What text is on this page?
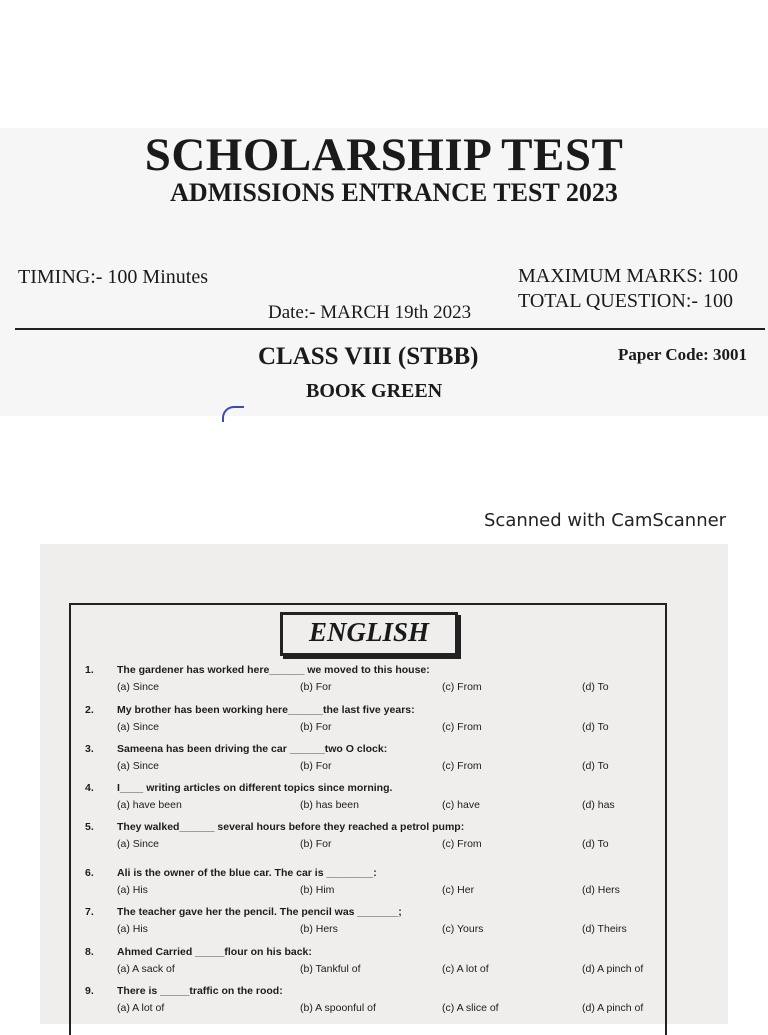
SCHOLARSHIP TEST
ADMISSIONS ENTRANCE TEST 2023
TIMING:- 100 Minutes	MAXIMUM MARKS: 100
TOTAL QUESTION:- 100
Date:- MARCH 19th 2023
CLASS VIII (STBB)	Paper Code: 3001
BOOK GREEN
Scanned with CamScanner
ENGLISH
1. The gardener has worked here______ we moved to this house:
(a) Since	(b) For	(c) From	(d) To
2. My brother has been working here______the last five years:
(a) Since	(b) For	(c) From	(d) To
3. Sameena has been driving the car ______two O clock:
(a) Since	(b) For	(c) From	(d) To
4. I____ writing articles on different topics since morning.
(a) have been	(b) has been	(c) have	(d) has
5. They walked______ several hours before they reached a petrol pump:
(a) Since	(b) For	(c) From	(d) To
6. Ali is the owner of the blue car. The car is ________:
(a) His	(b) Him	(c) Her	(d) Hers
7. The teacher gave her the pencil. The pencil was _______;
(a) His	(b) Hers	(c) Yours	(d) Theirs
8. Ahmed Carried _____flour on his back:
(a) A sack of	(b) Tankful of	(c) A lot of	(d) A pinch of
9. There is _____traffic on the rood:
(a) A lot of	(b) A spoonful of	(c) A slice of	(d) A pinch of
